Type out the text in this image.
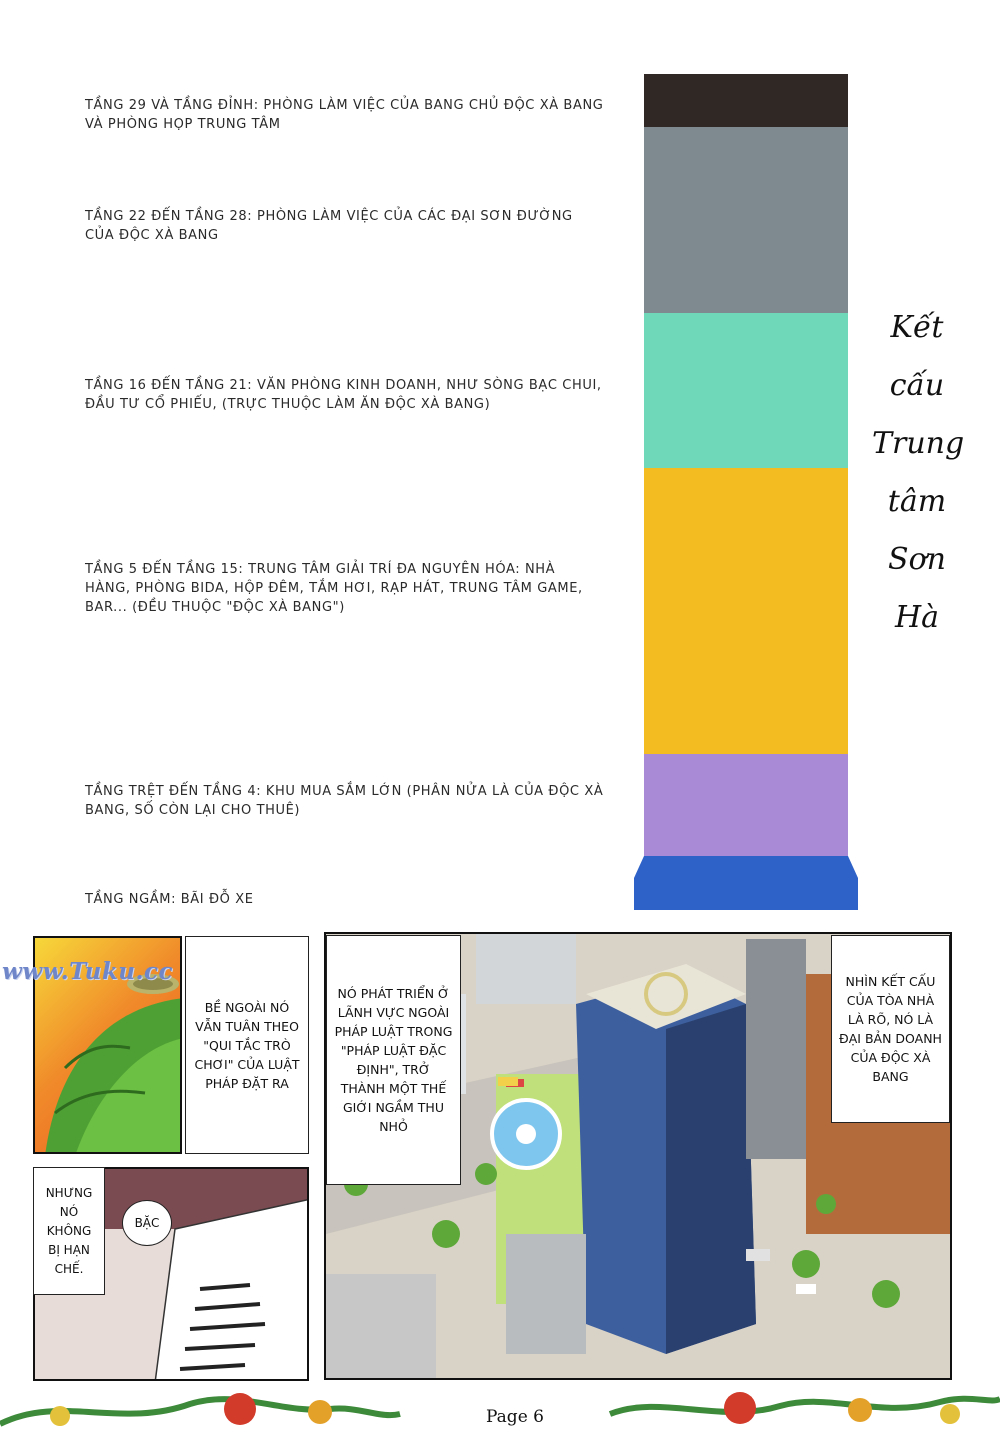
TẦNG 29 VÀ TẦNG ĐỈNH: PHÒNG LÀM VIỆC CỦA BANG CHỦ ĐỘC XÀ BANG VÀ PHÒNG HỌP TRUNG TÂM
TẦNG 22 ĐẾN TẦNG 28: PHÒNG LÀM VIỆC CỦA CÁC ĐẠI SƠN ĐƯỜNG CỦA ĐỘC XÀ BANG
TẦNG 16 ĐẾN TẦNG 21: VĂN PHÒNG KINH DOANH, NHƯ SÒNG BẠC CHUI, ĐẦU TƯ CỔ PHIẾU, (TRỰC THUỘC LÀM ĂN ĐỘC XÀ BANG)
TẦNG 5 ĐẾN TẦNG 15: TRUNG TÂM GIẢI TRÍ ĐA NGUYÊN HÓA: NHÀ HÀNG, PHÒNG BIDA, HỘP ĐÊM, TẮM HƠI, RẠP HÁT, TRUNG TÂM GAME, BAR... (ĐỀU THUỘC "ĐỘC XÀ BANG")
TẦNG TRỆT ĐẾN TẦNG 4: KHU MUA SẮM LỚN (PHÂN NỬA LÀ CỦA ĐỘC XÀ BANG, SỐ CÒN LẠI CHO THUÊ)
TẦNG NGẦM: BÃI ĐỖ XE
Kết
cấu
Trung
tâm
Sơn
Hà
BỀ NGOÀI NÓ VẪN TUÂN THEO "QUI TẮC TRÒ CHƠI" CỦA LUẬT PHÁP ĐẶT RA
www.Tuku.cc
NHƯNG NÓ KHÔNG BỊ HẠN CHẾ.
BẶC
NÓ PHÁT TRIỂN Ở LÃNH VỰC NGOÀI PHÁP LUẬT TRONG "PHÁP LUẬT ĐẶC ĐỊNH", TRỞ THÀNH MỘT THẾ GIỚI NGẦM THU NHỎ
NHÌN KẾT CẤU CỦA TÒA NHÀ LÀ RÕ, NÓ LÀ ĐẠI BẢN DOANH CỦA ĐỘC XÀ BANG
Page 6
